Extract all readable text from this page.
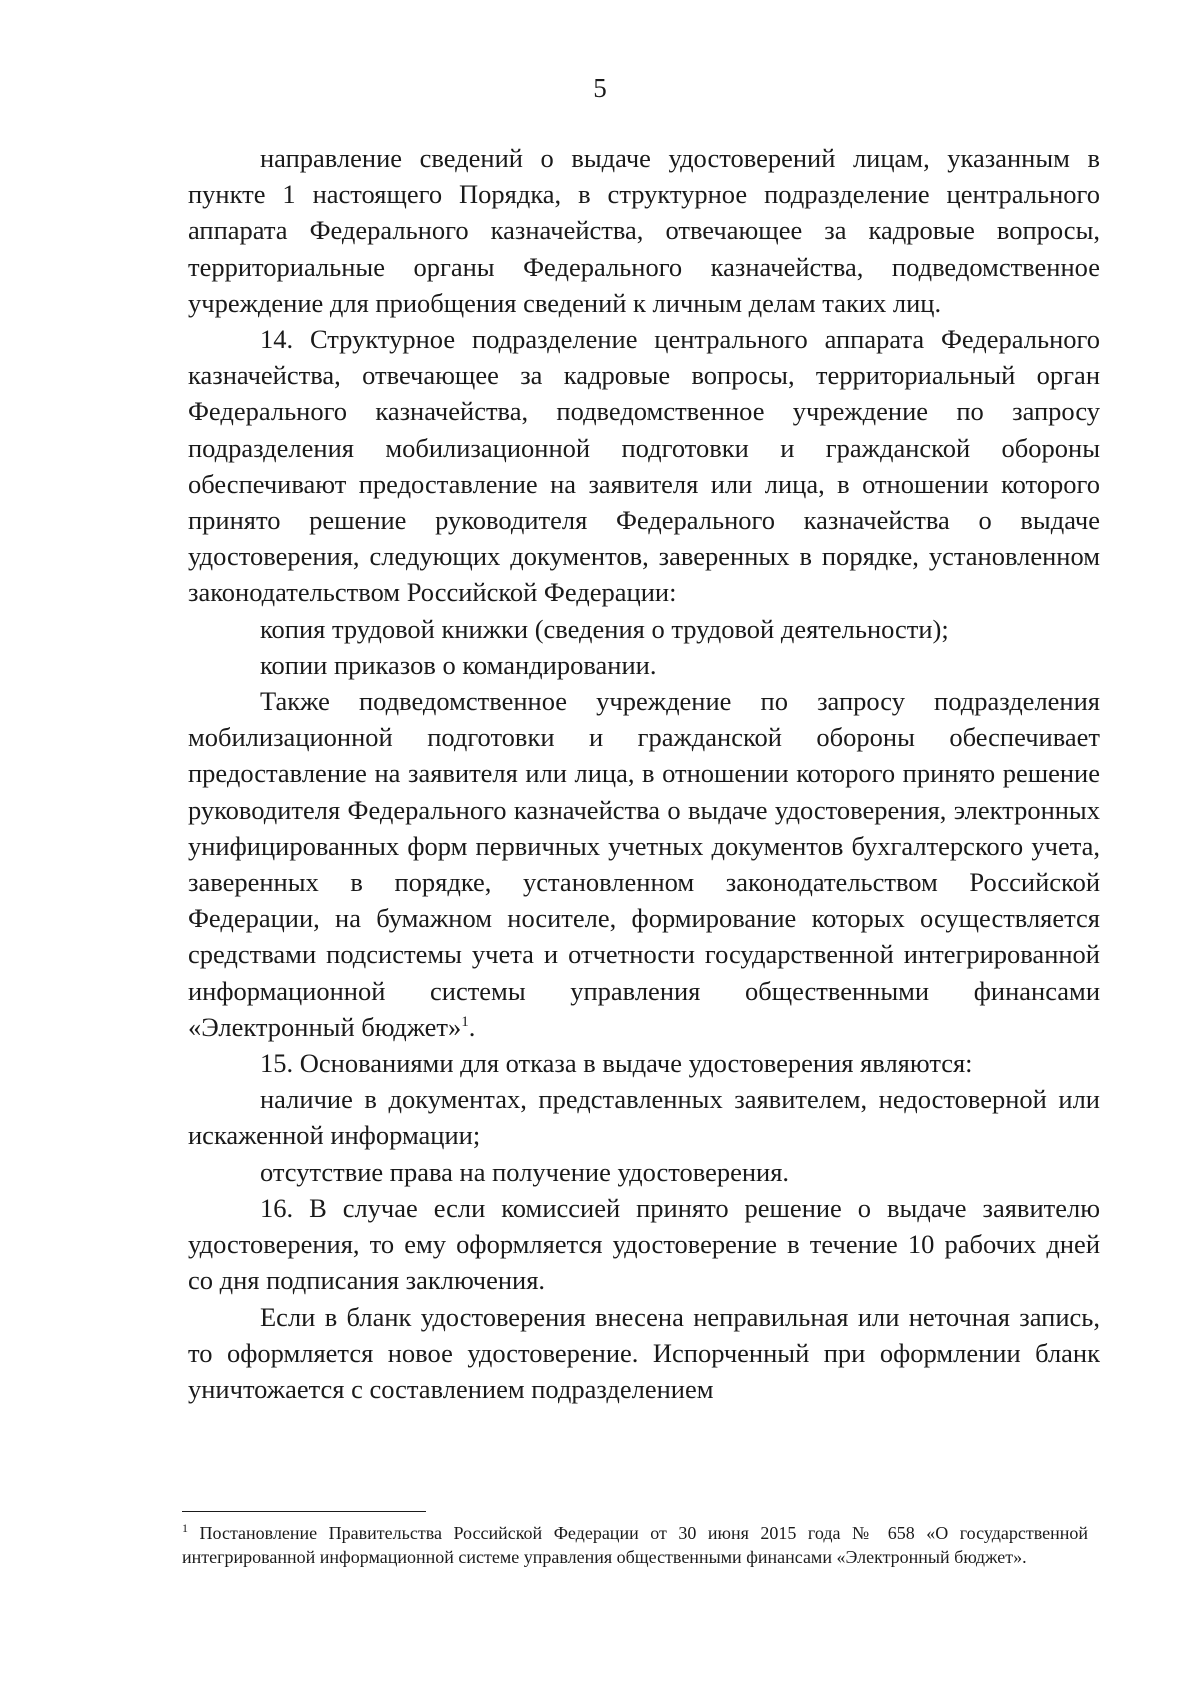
5

направление сведений о выдаче удостоверений лицам, указанным в пункте 1 настоящего Порядка, в структурное подразделение центрального аппарата Федерального казначейства, отвечающее за кадровые вопросы, территориальные органы Федерального казначейства, подведомственное учреждение для приобщения сведений к личным делам таких лиц.

14. Структурное подразделение центрального аппарата Федерального казначейства, отвечающее за кадровые вопросы, территориальный орган Федерального казначейства, подведомственное учреждение по запросу подразделения мобилизационной подготовки и гражданской обороны обеспечивают предоставление на заявителя или лица, в отношении которого принято решение руководителя Федерального казначейства о выдаче удостоверения, следующих документов, заверенных в порядке, установленном законодательством Российской Федерации:

копия трудовой книжки (сведения о трудовой деятельности);

копии приказов о командировании.

Также подведомственное учреждение по запросу подразделения мобилизационной подготовки и гражданской обороны обеспечивает предоставление на заявителя или лица, в отношении которого принято решение руководителя Федерального казначейства о выдаче удостоверения, электронных унифицированных форм первичных учетных документов бухгалтерского учета, заверенных в порядке, установленном законодательством Российской Федерации, на бумажном носителе, формирование которых осуществляется средствами подсистемы учета и отчетности государственной интегрированной информационной системы управления общественными финансами «Электронный бюджет»$^1$.

15. Основаниями для отказа в выдаче удостоверения являются:

наличие в документах, представленных заявителем, недостоверной или искаженной информации;

отсутствие права на получение удостоверения.

16. В случае если комиссией принято решение о выдаче заявителю удостоверения, то ему оформляется удостоверение в течение 10 рабочих дней со дня подписания заключения.

Если в бланк удостоверения внесена неправильная или неточная запись, то оформляется новое удостоверение. Испорченный при оформлении бланк уничтожается с составлением подразделением

$^1$ Постановление Правительства Российской Федерации от 30 июня 2015 года № 658 «О государственной интегрированной информационной системе управления общественными финансами «Электронный бюджет».
